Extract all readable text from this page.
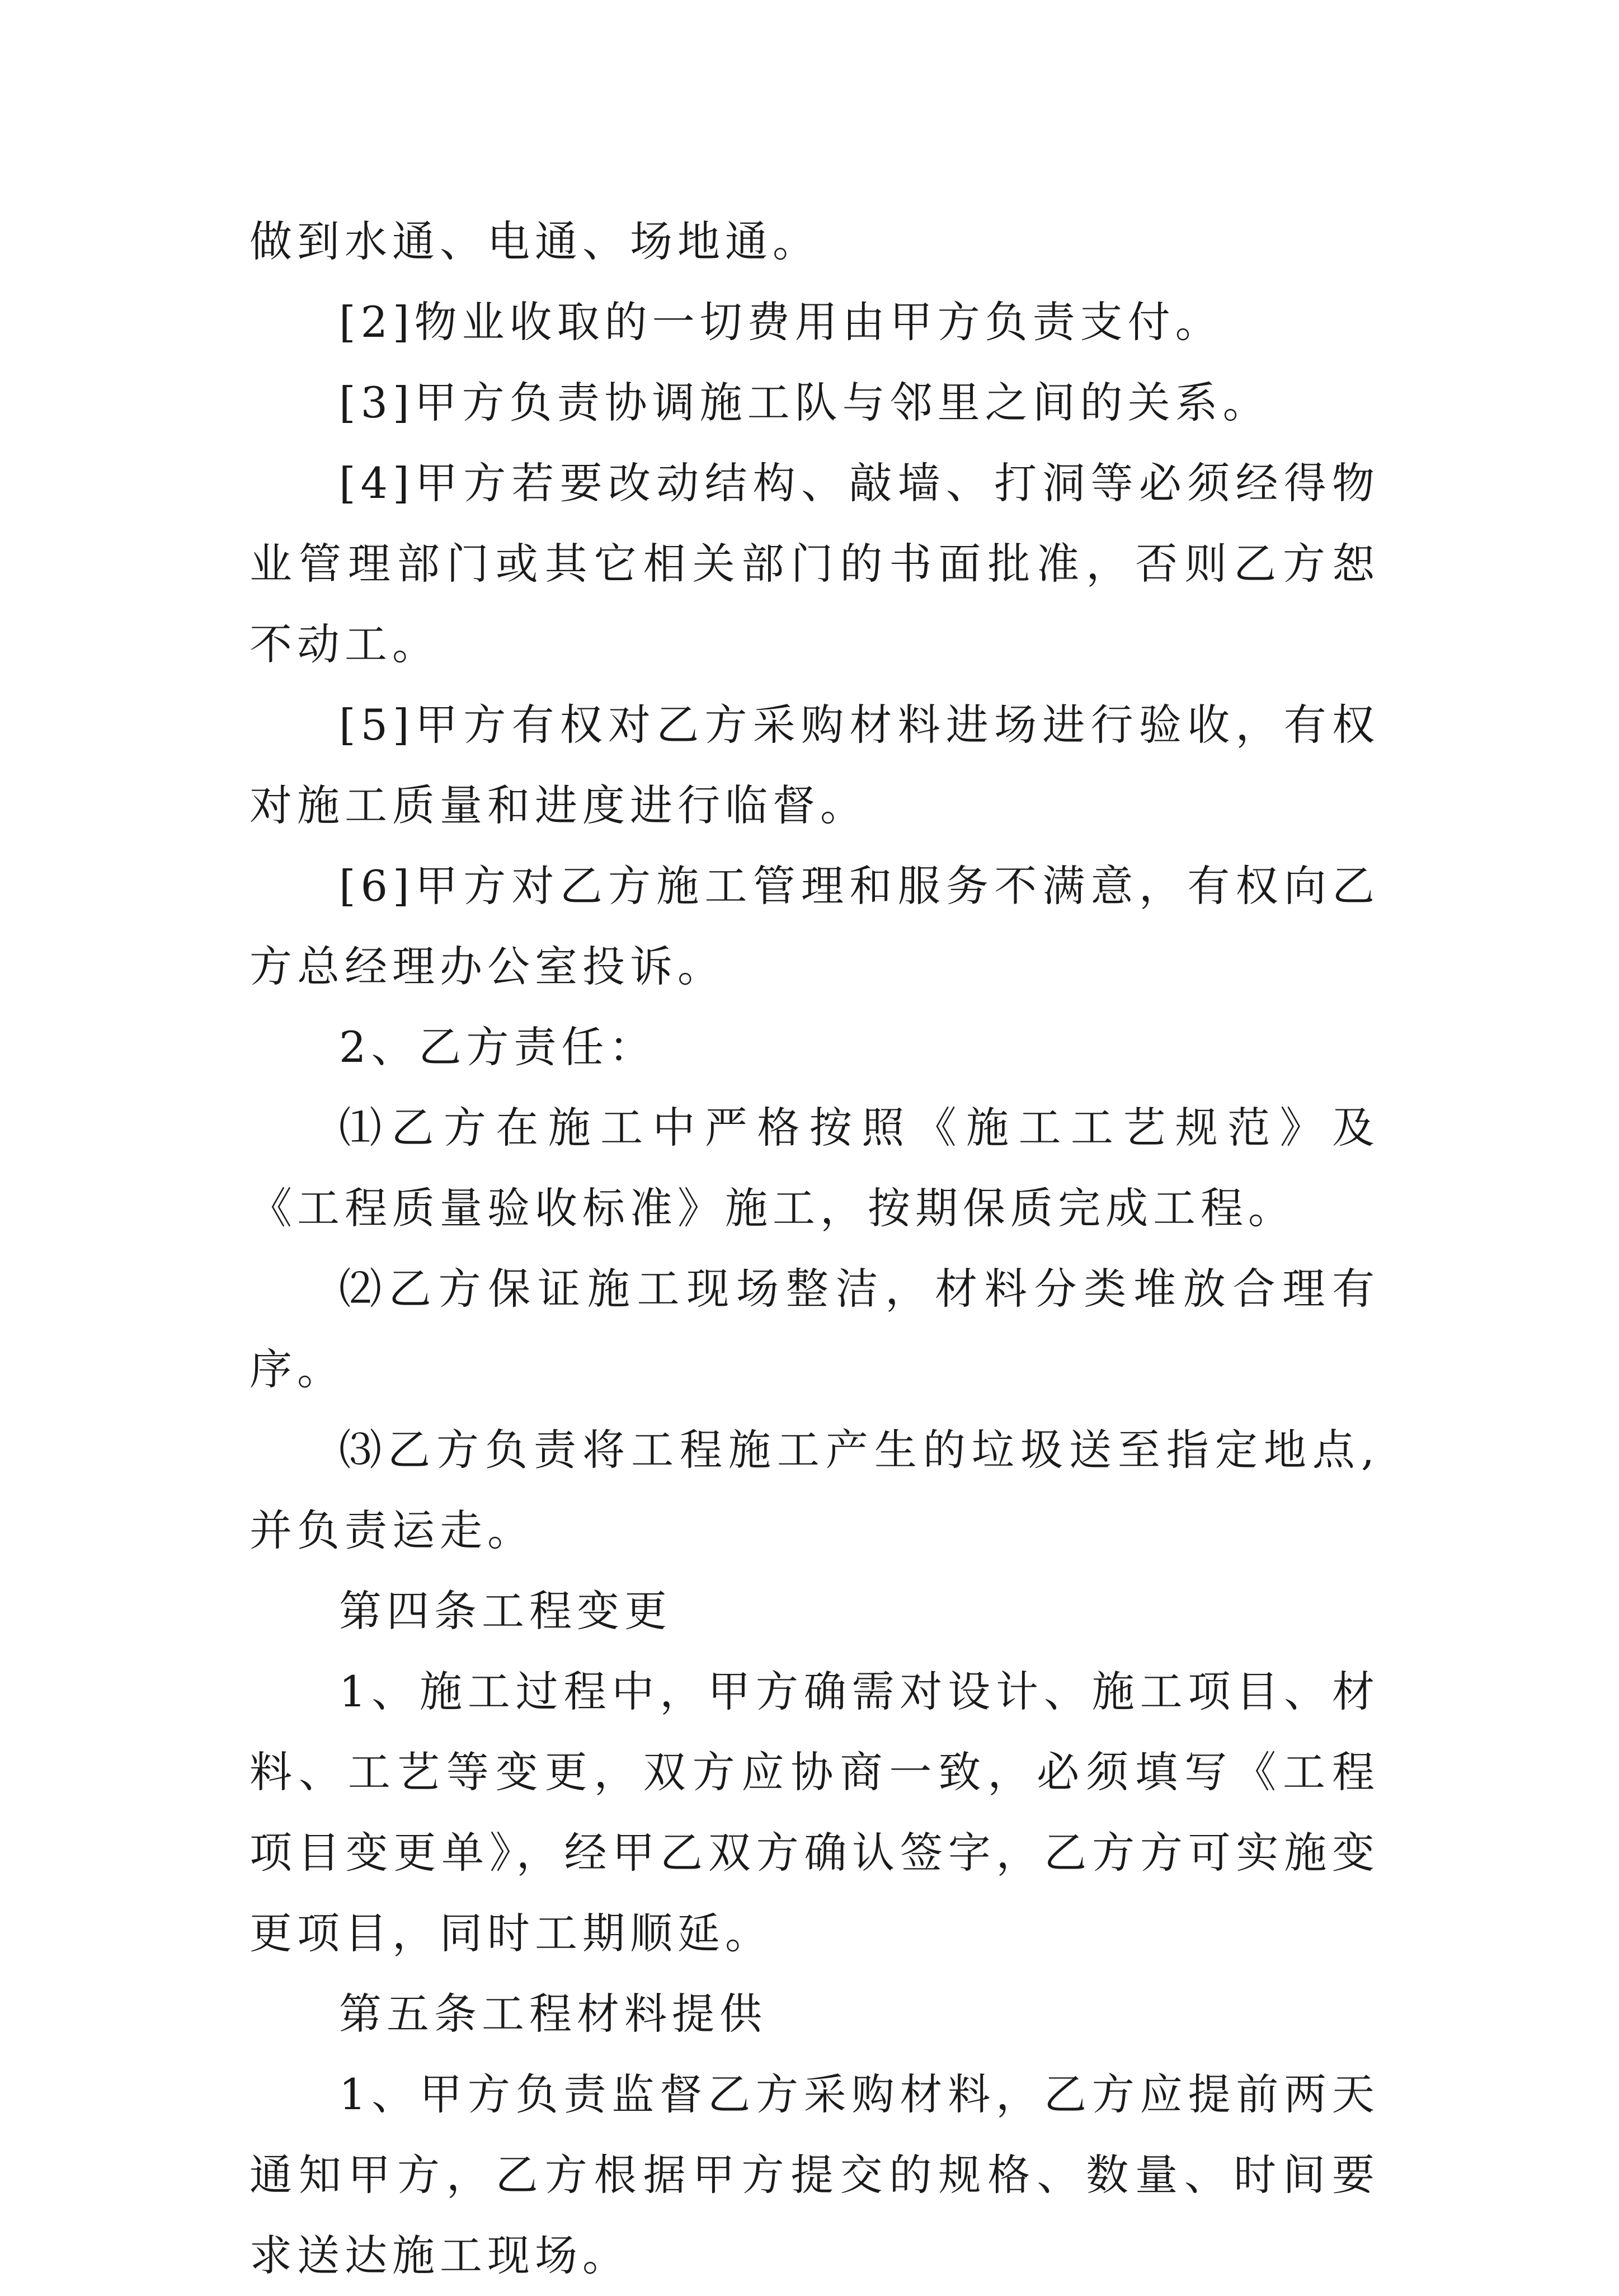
做到水通、电通、场地通。

[2]物业收取的一切费用由甲方负责支付。

[3]甲方负责协调施工队与邻里之间的关系。

[4]甲方若要改动结构、敲墙、打洞等必须经得物业管理部门或其它相关部门的书面批准，否则乙方恕不动工。

[5]甲方有权对乙方采购材料进场进行验收，有权对施工质量和进度进行临督。

[6]甲方对乙方施工管理和服务不满意，有权向乙方总经理办公室投诉。

2、乙方责任：

⑴乙方在施工中严格按照《施工工艺规范》及《工程质量验收标准》施工，按期保质完成工程。

⑵乙方保证施工现场整洁，材料分类堆放合理有序。

⑶乙方负责将工程施工产生的垃圾送至指定地点,并负责运走。

第四条工程变更

1、施工过程中，甲方确需对设计、施工项目、材料、工艺等变更，双方应协商一致，必须填写《工程项目变更单》，经甲乙双方确认签字，乙方方可实施变更项目，同时工期顺延。

第五条工程材料提供

1、甲方负责监督乙方采购材料，乙方应提前两天通知甲方，乙方根据甲方提交的规格、数量、时间要求送达施工现场。
